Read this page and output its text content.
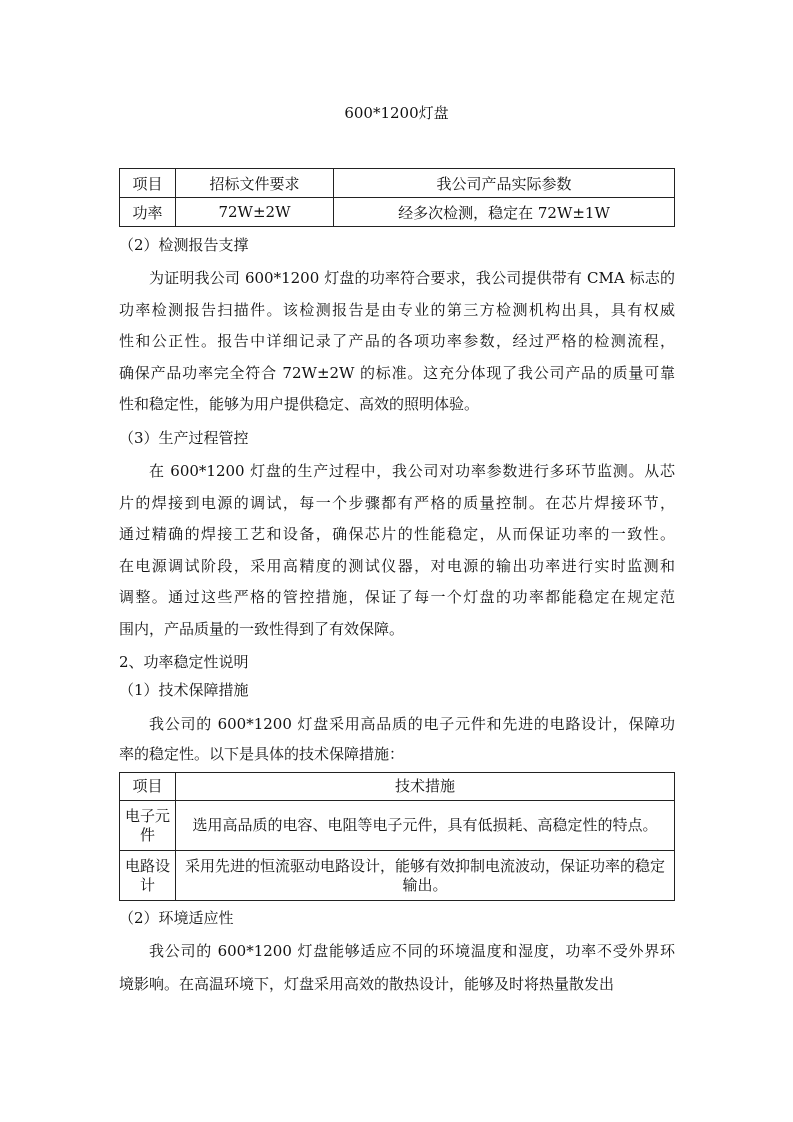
600*1200灯盘
项目	招标文件要求	我公司产品实际参数
功率	72W±2W	经多次检测，稳定在 72W±1W
（2）检测报告支撑
为证明我公司 600*1200 灯盘的功率符合要求，我公司提供带有 CMA 标志的
功率检测报告扫描件。该检测报告是由专业的第三方检测机构出具，具有权威
性和公正性。报告中详细记录了产品的各项功率参数，经过严格的检测流程，
确保产品功率完全符合 72W±2W 的标准。这充分体现了我公司产品的质量可靠
性和稳定性，能够为用户提供稳定、高效的照明体验。
（3）生产过程管控
在 600*1200 灯盘的生产过程中，我公司对功率参数进行多环节监测。从芯
片的焊接到电源的调试，每一个步骤都有严格的质量控制。在芯片焊接环节，
通过精确的焊接工艺和设备，确保芯片的性能稳定，从而保证功率的一致性。
在电源调试阶段，采用高精度的测试仪器，对电源的输出功率进行实时监测和
调整。通过这些严格的管控措施，保证了每一个灯盘的功率都能稳定在规定范
围内，产品质量的一致性得到了有效保障。
2、功率稳定性说明
（1）技术保障措施
我公司的 600*1200 灯盘采用高品质的电子元件和先进的电路设计，保障功
率的稳定性。以下是具体的技术保障措施：
项目	技术措施
电子元件	选用高品质的电容、电阻等电子元件，具有低损耗、高稳定性的特点。
电路设计	采用先进的恒流驱动电路设计，能够有效抑制电流波动，保证功率的稳定输出。
（2）环境适应性
我公司的 600*1200 灯盘能够适应不同的环境温度和湿度，功率不受外界环
境影响。在高温环境下，灯盘采用高效的散热设计，能够及时将热量散发出
